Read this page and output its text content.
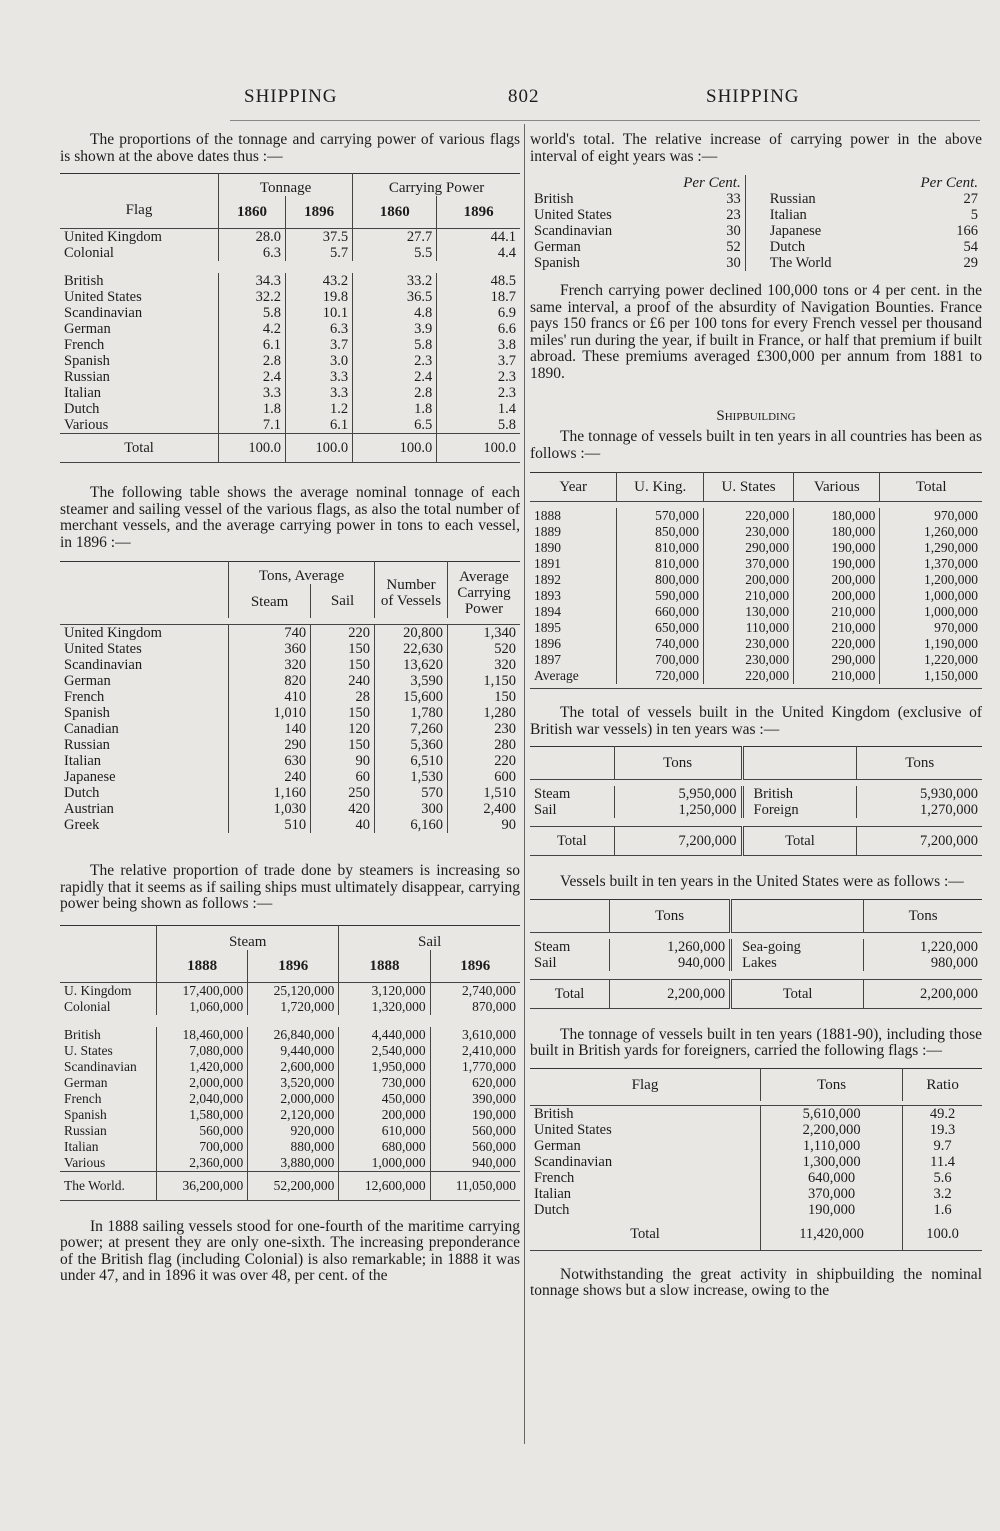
SHIPPING	802	SHIPPING

The proportions of the tonnage and carrying power of various flags is shown at the above dates thus :—

Flag	Tonnage		Carrying Power	
	1860	1896	1860	1896
United Kingdom	28.0	37.5	27.7	44.1
Colonial	6.3	5.7	5.5	4.4

British	34.3	43.2	33.2	48.5
United States	32.2	19.8	36.5	18.7
Scandinavian	5.8	10.1	4.8	6.9
German	4.2	6.3	3.9	6.6
French	6.1	3.7	5.8	3.8
Spanish	2.8	3.0	2.3	3.7
Russian	2.4	3.3	2.4	2.3
Italian	3.3	3.3	2.8	2.3
Dutch	1.8	1.2	1.8	1.4
Various	7.1	6.1	6.5	5.8
Total	100.0	100.0	100.0	100.0

The following table shows the average nominal tonnage of each steamer and sailing vessel of the various flags, as also the total number of merchant vessels, and the average carrying power in tons to each vessel, in 1896 :—

	Tons, Average		Number of Vessels	Average Carrying Power
	Steam	Sail		

United Kingdom	740	220	20,800	1,340
United States	360	150	22,630	520
Scandinavian	320	150	13,620	320
German	820	240	3,590	1,150
French	410	28	15,600	150
Spanish	1,010	150	1,780	1,280
Canadian	140	120	7,260	230
Russian	290	150	5,360	280
Italian	630	90	6,510	220
Japanese	240	60	1,530	600
Dutch	1,160	250	570	1,510
Austrian	1,030	420	300	2,400
Greek	510	40	6,160	90

The relative proportion of trade done by steamers is increasing so rapidly that it seems as if sailing ships must ultimately disappear, carrying power being shown as follows :—

	Steam		Sail	
	1888	1896	1888	1896
U. Kingdom	17,400,000	25,120,000	3,120,000	2,740,000
Colonial	1,060,000	1,720,000	1,320,000	870,000

British	18,460,000	26,840,000	4,440,000	3,610,000
U. States	7,080,000	9,440,000	2,540,000	2,410,000
Scandinavian	1,420,000	2,600,000	1,950,000	1,770,000
German	2,000,000	3,520,000	730,000	620,000
French	2,040,000	2,000,000	450,000	390,000
Spanish	1,580,000	2,120,000	200,000	190,000
Russian	560,000	920,000	610,000	560,000
Italian	700,000	880,000	680,000	560,000
Various	2,360,000	3,880,000	1,000,000	940,000
The World.	36,200,000	52,200,000	12,600,000	11,050,000

In 1888 sailing vessels stood for one-fourth of the maritime carrying power; at present they are only one-sixth. The increasing preponderance of the British flag (including Colonial) is also remarkable; in 1888 it was under 47, and in 1896 it was over 48, per cent. of the

world's total. The relative increase of carrying power in the above interval of eight years was :—

Per Cent.		Per Cent.	
British	33	Russian	27
United States	23	Italian	5
Scandinavian	30	Japanese	166
German	52	Dutch	54
Spanish	30	The World	29

French carrying power declined 100,000 tons or 4 per cent. in the same interval, a proof of the absurdity of Navigation Bounties. France pays 150 francs or £6 per 100 tons for every French vessel per thousand miles' run during the year, if built in France, or half that premium if built abroad. These premiums averaged £300,000 per annum from 1881 to 1890.

Shipbuilding

The tonnage of vessels built in ten years in all countries has been as follows :—

Year	U. King.	U. States	Various	Total

1888	570,000	220,000	180,000	970,000
1889	850,000	230,000	180,000	1,260,000
1890	810,000	290,000	190,000	1,290,000
1891	810,000	370,000	190,000	1,370,000
1892	800,000	200,000	200,000	1,200,000
1893	590,000	210,000	200,000	1,000,000
1894	660,000	130,000	210,000	1,000,000
1895	650,000	110,000	210,000	970,000
1896	740,000	230,000	220,000	1,190,000
1897	700,000	230,000	290,000	1,220,000
Average	720,000	220,000	210,000	1,150,000

The total of vessels built in the United Kingdom (exclusive of British war vessels) in ten years was :—

	Tons		Tons

Steam	5,950,000	British	5,930,000
Sail	1,250,000	Foreign	1,270,000

Total	7,200,000	Total	7,200,000

Vessels built in ten years in the United States were as follows :—

	Tons		Tons

Steam	1,260,000	Sea-going	1,220,000
Sail	940,000	Lakes	980,000

Total	2,200,000	Total	2,200,000

The tonnage of vessels built in ten years (1881-90), including those built in British yards for foreigners, carried the following flags :—

Flag	Tons	Ratio

British	5,610,000	49.2
United States	2,200,000	19.3
German	1,110,000	9.7
Scandinavian	1,300,000	11.4
French	640,000	5.6
Italian	370,000	3.2
Dutch	190,000	1.6
Total	11,420,000	100.0

Notwithstanding the great activity in shipbuilding the nominal tonnage shows but a slow increase, owing to the
